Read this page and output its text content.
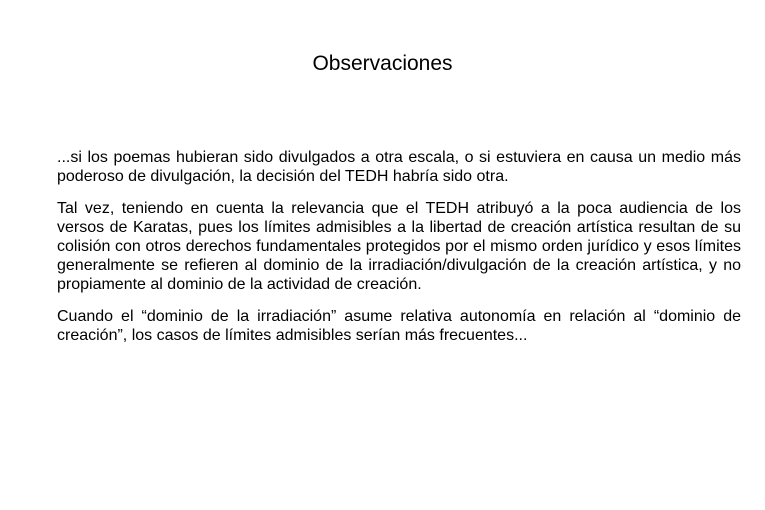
Observaciones

...si los poemas hubieran sido divulgados a otra escala, o si estuviera en causa un medio más poderoso de divulgación, la decisión del TEDH habría sido otra.

Tal vez, teniendo en cuenta la relevancia que el TEDH atribuyó a la poca audiencia de los versos de Karatas, pues los límites admisibles a la libertad de creación artística resultan de su colisión con otros derechos fundamentales protegidos por el mismo orden jurídico y esos límites generalmente se refieren al dominio de la irradiación/divulgación de la creación artística, y no propiamente al dominio de la actividad de creación.

Cuando el “dominio de la irradiación” asume relativa autonomía en relación al “dominio de creación”, los casos de límites admisibles serían más frecuentes...
